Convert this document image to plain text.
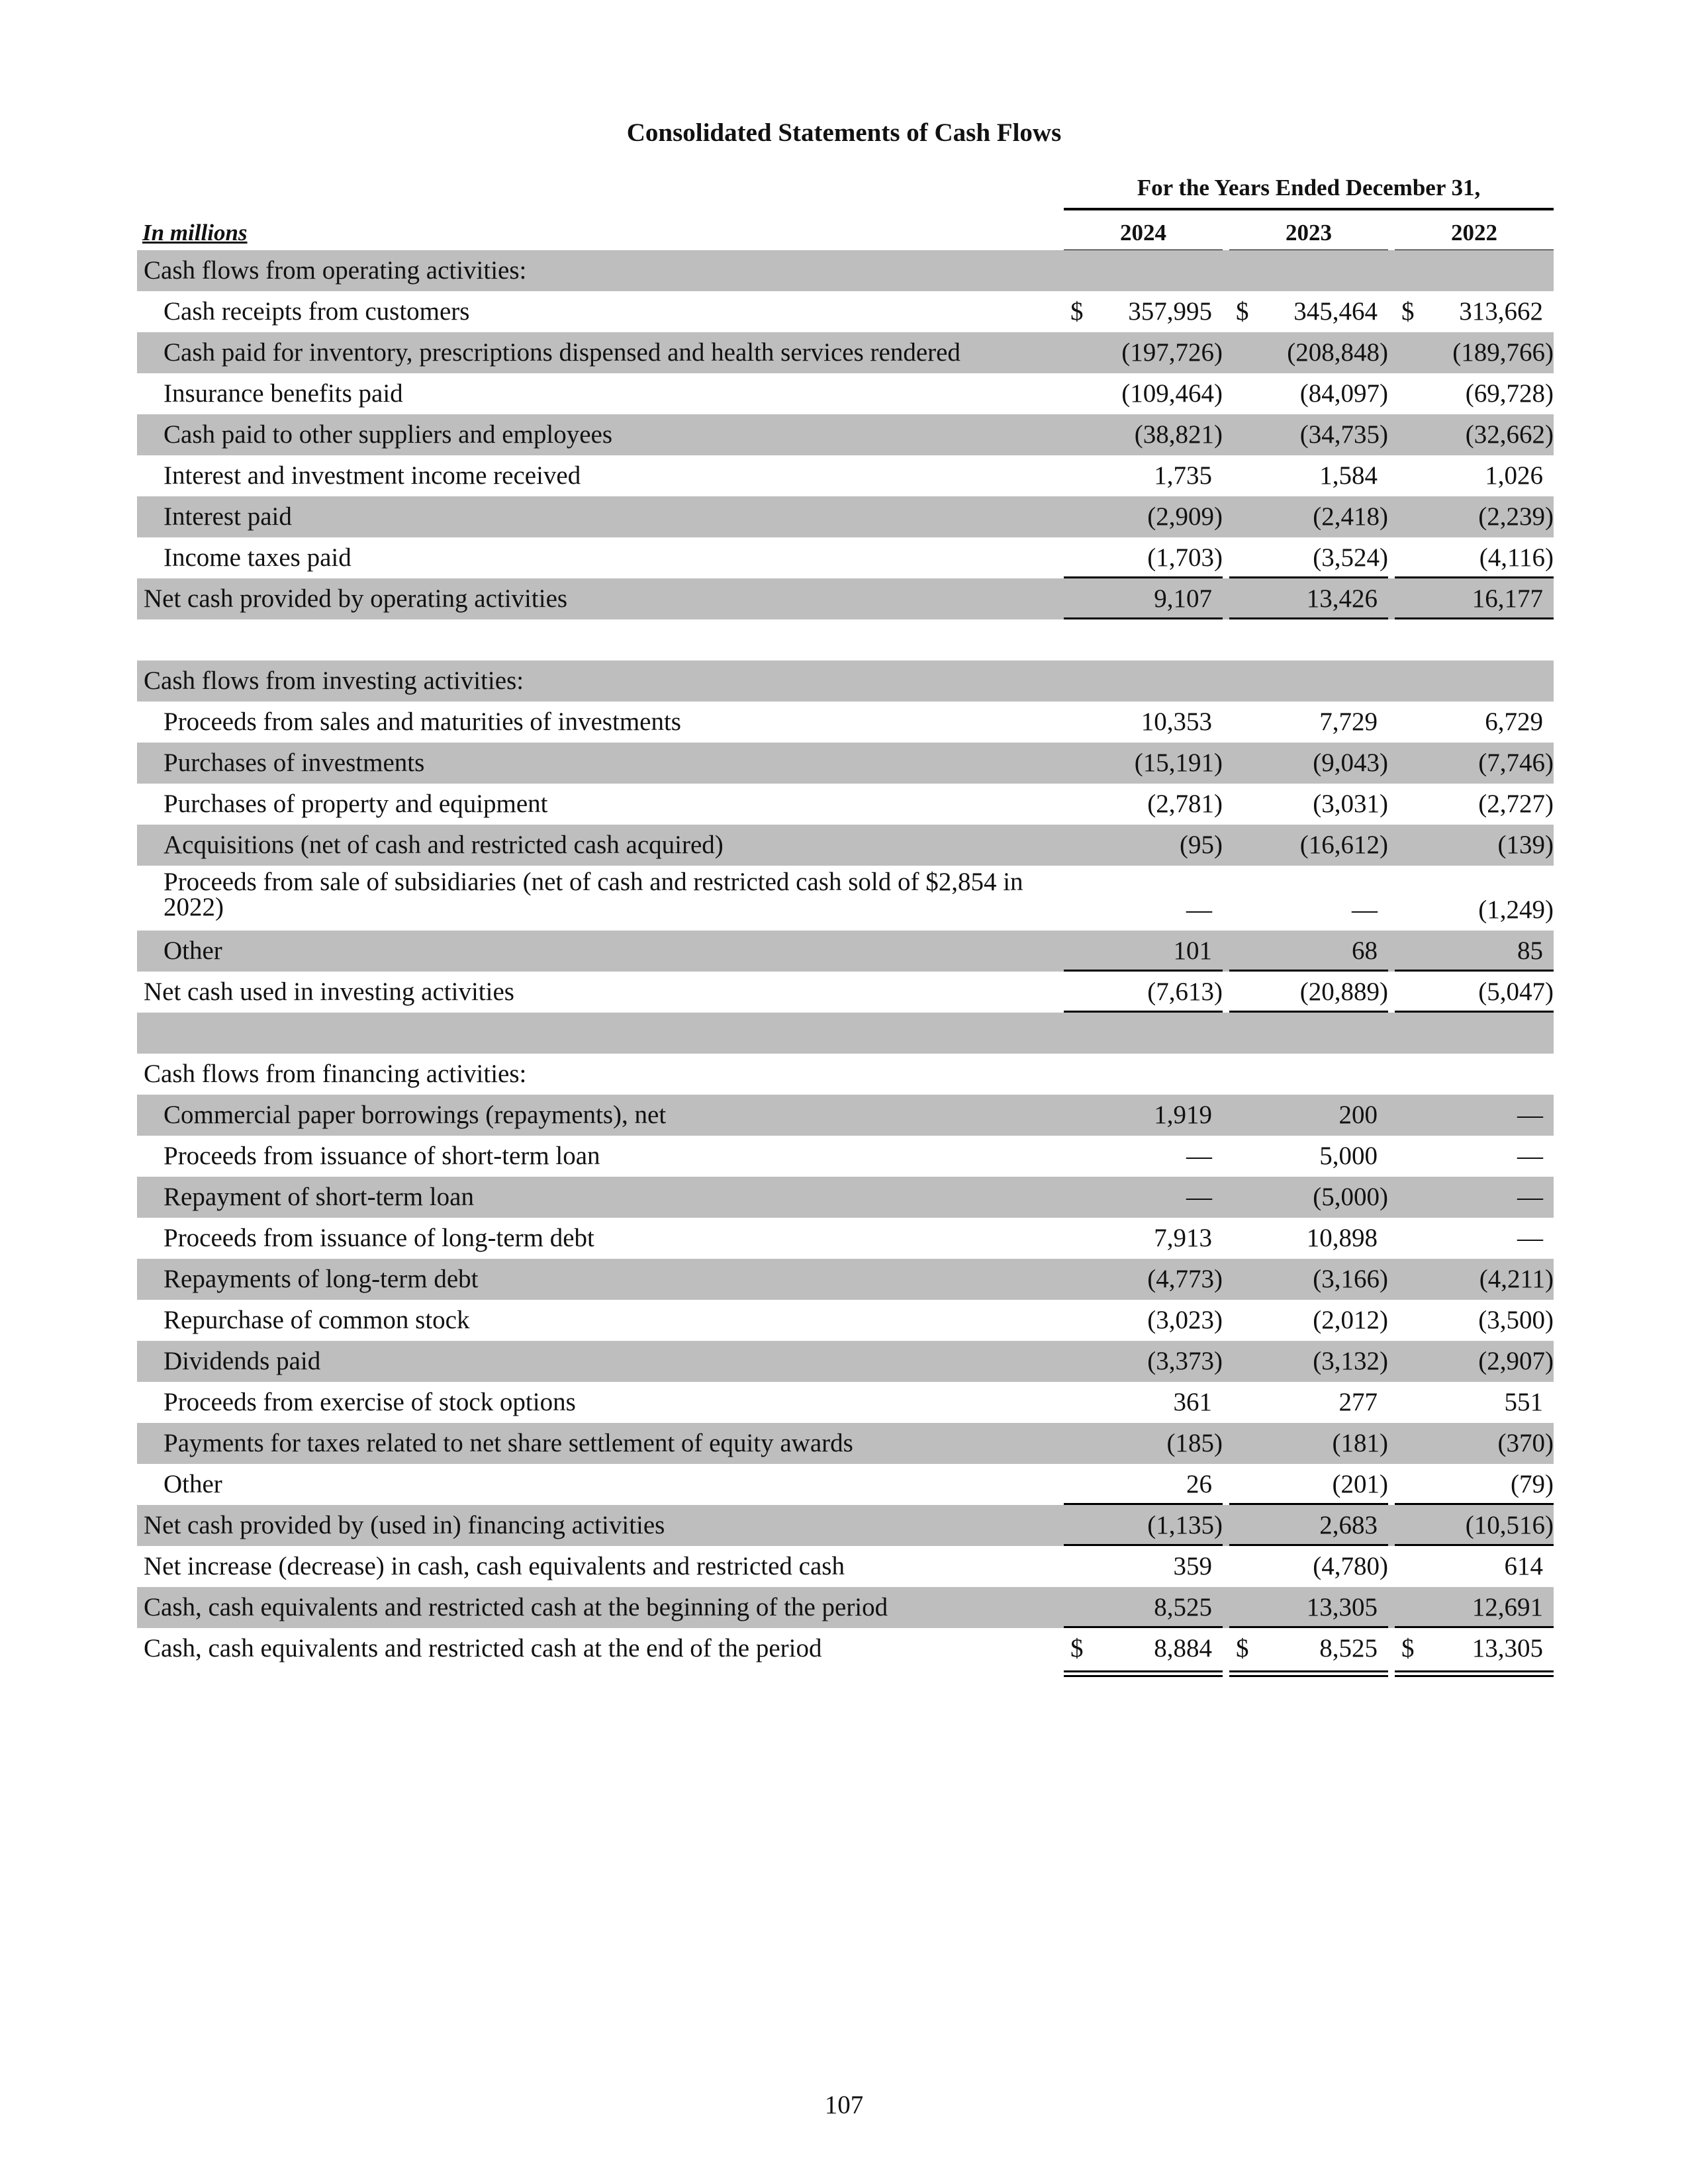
Consolidated Statements of Cash Flows
For the Years Ended December 31,
In millions	2024	2023	2022
Cash flows from operating activities:
Cash receipts from customers	$ 357,995 $ 345,464 $ 313,662
Cash paid for inventory, prescriptions dispensed and health services rendered	(197,726) (208,848) (189,766)
Insurance benefits paid	(109,464)	(84,097)	(69,728)
Cash paid to other suppliers and employees	(38,821)	(34,735)	(32,662)
Interest and investment income received	1,735	1,584	1,026
Interest paid	(2,909)	(2,418)	(2,239)
Income taxes paid	(1,703)	(3,524)	(4,116)
Net cash provided by operating activities	9,107	13,426	16,177
Cash flows from investing activities:
Proceeds from sales and maturities of investments	10,353	7,729	6,729
Purchases of investments	(15,191)	(9,043)	(7,746)
Purchases of property and equipment	(2,781)	(3,031)	(2,727)
Acquisitions (net of cash and restricted cash acquired)	(95)	(16,612)	(139)
Proceeds from sale of subsidiaries (net of cash and restricted cash sold of $2,854 in 2022)	—	—	(1,249)
Other	101	68	85
Net cash used in investing activities	(7,613)	(20,889)	(5,047)
Cash flows from financing activities:
Commercial paper borrowings (repayments), net	1,919	200	—
Proceeds from issuance of short-term loan	—	5,000	—
Repayment of short-term loan	—	(5,000)	—
Proceeds from issuance of long-term debt	7,913	10,898	—
Repayments of long-term debt	(4,773)	(3,166)	(4,211)
Repurchase of common stock	(3,023)	(2,012)	(3,500)
Dividends paid	(3,373)	(3,132)	(2,907)
Proceeds from exercise of stock options	361	277	551
Payments for taxes related to net share settlement of equity awards	(185)	(181)	(370)
Other	26	(201)	(79)
Net cash provided by (used in) financing activities	(1,135)	2,683	(10,516)
Net increase (decrease) in cash, cash equivalents and restricted cash	359	(4,780)	614
Cash, cash equivalents and restricted cash at the beginning of the period	8,525	13,305	12,691
Cash, cash equivalents and restricted cash at the end of the period	$	8,884 $	8,525 $ 13,305
107
